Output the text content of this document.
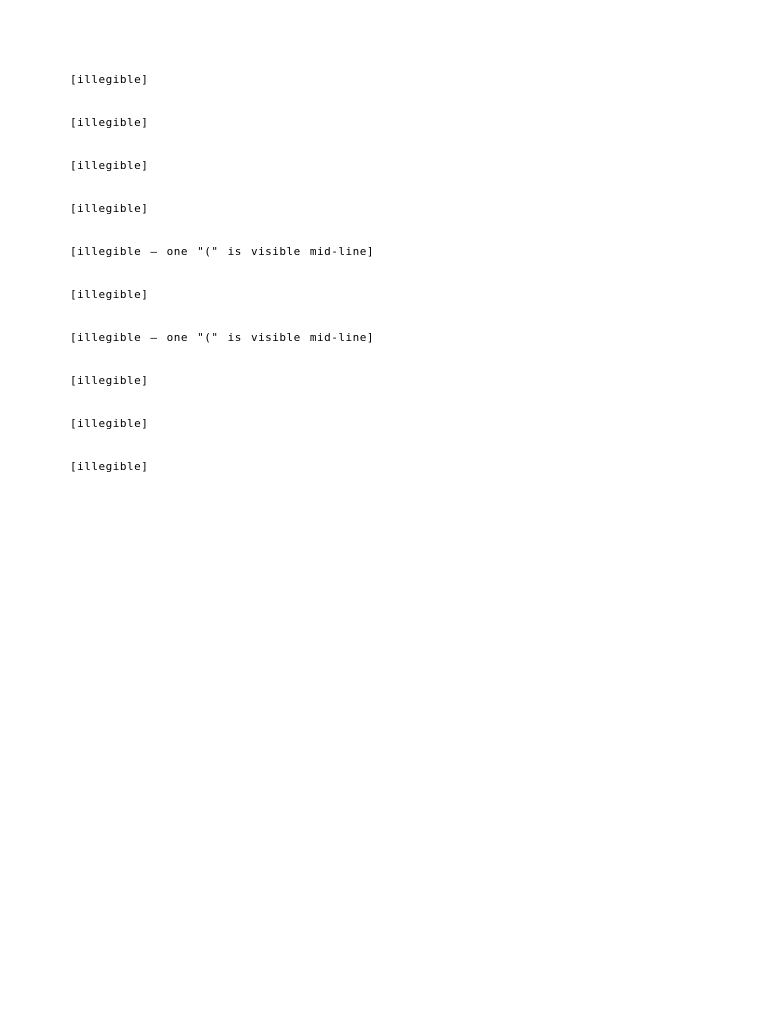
[illegible]

[illegible]

[illegible]

[illegible]

[illegible — one "(" is visible mid-line]

[illegible]

[illegible — one "(" is visible mid-line]

[illegible]

[illegible]

[illegible]
